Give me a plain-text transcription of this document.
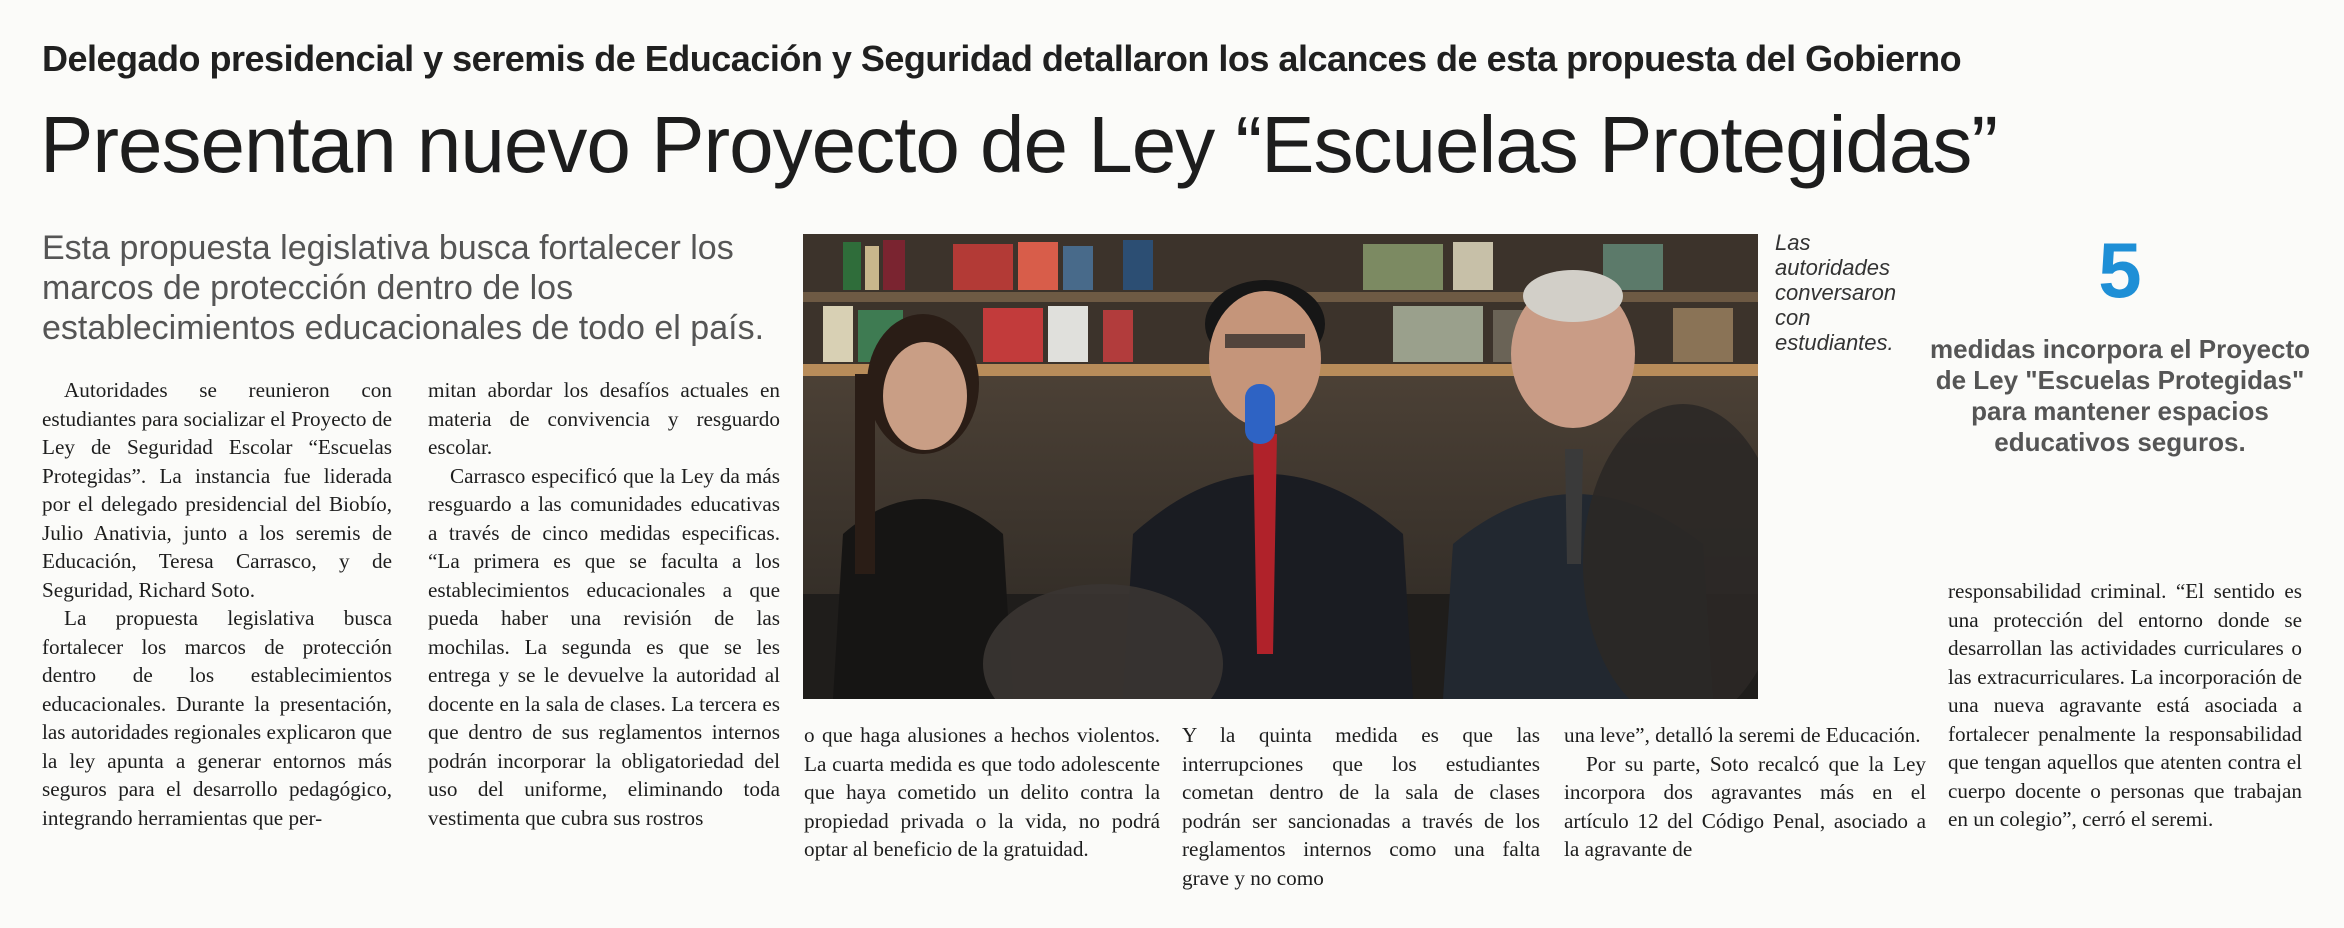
Delegado presidencial y seremis de Educación y Seguridad detallaron los alcances de esta propuesta del Gobierno
Presentan nuevo Proyecto de Ley “Escuelas Protegidas”
Esta propuesta legislativa busca fortalecer los marcos de protección dentro de los establecimientos educacionales de todo el país.

Autoridades se reunieron con estudiantes para socializar el Proyecto de Ley de Seguridad Escolar “Escuelas Protegidas”. La instancia fue liderada por el delegado presidencial del Biobío, Julio Anativia, junto a los seremis de Educación, Teresa Carrasco, y de Seguridad, Richard Soto.

La propuesta legislativa busca fortalecer los marcos de protección dentro de los establecimientos educacionales. Durante la presentación, las autoridades regionales explicaron que la ley apunta a generar entornos más seguros para el desarrollo pedagógico, integrando herramientas que per-

mitan abordar los desafíos actuales en materia de convivencia y resguardo escolar.

Carrasco especificó que la Ley da más resguardo a las comunidades educativas a través de cinco medidas especificas. “La primera es que se faculta a los establecimientos educacionales a que pueda haber una revisión de las mochilas. La segunda es que se les entrega y se le devuelve la autoridad al docente en la sala de clases. La tercera es que dentro de sus reglamentos internos podrán incorporar la obligatoriedad del uso del uniforme, eliminando toda vestimenta que cubra sus rostros

Las autoridades conversaron con estudiantes.
5
medidas incorpora el Proyecto de Ley "Escuelas Protegidas" para mantener espacios educativos seguros.

o que haga alusiones a hechos violentos. La cuarta medida es que todo adolescente que haya cometido un delito contra la propiedad privada o la vida, no podrá optar al beneficio de la gratuidad.

Y la quinta medida es que las interrupciones que los estudiantes cometan dentro de la sala de clases podrán ser sancionadas a través de los reglamentos internos como una falta grave y no como

una leve”, detalló la seremi de Educación.

Por su parte, Soto recalcó que la Ley incorpora dos agravantes más en el artículo 12 del Código Penal, asociado a la agravante de

responsabilidad criminal. “El sentido es una protección del entorno donde se desarrollan las actividades curriculares o las extracurriculares. La incorporación de una nueva agravante está asociada a fortalecer penalmente la responsabilidad que tengan aquellos que atenten contra el cuerpo docente o personas que trabajan en un colegio”, cerró el seremi.
